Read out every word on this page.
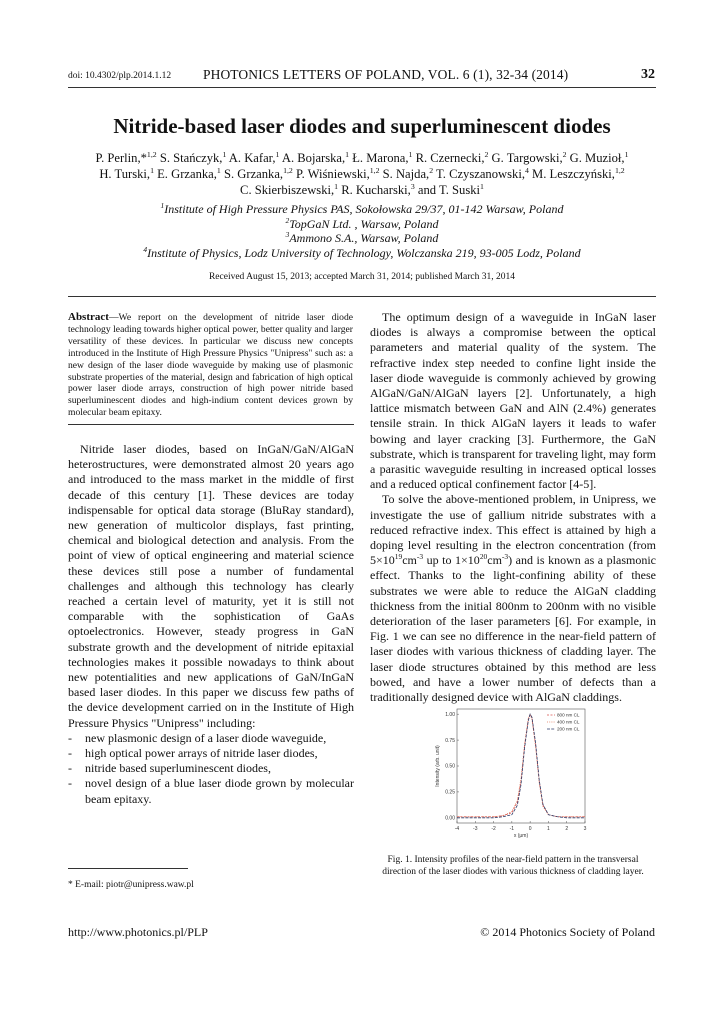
doi: 10.4302/plp.2014.1.12 PHOTONICS LETTERS OF POLAND, VOL. 6 (1), 32-34 (2014)	32
Nitride-based laser diodes and superluminescent diodes
P. Perlin,*$^{1,2}$ S. Stańczyk,$^1$ A. Kafar,$^1$ A. Bojarska,$^1$ Ł. Marona,$^1$ R. Czernecki,$^2$ G. Targowski,$^2$ G. Muzioł,$^1$
H. Turski,$^1$ E. Grzanka,$^1$ S. Grzanka,$^{1,2}$ P. Wiśniewski,$^{1,2}$ S. Najda,$^2$ T. Czyszanowski,$^4$ M. Leszczyński,$^{1,2}$
C. Skierbiszewski,$^1$ R. Kucharski,$^3$ and T. Suski$^1$
$^1$Institute of High Pressure Physics PAS, Sokołowska 29/37, 01-142 Warsaw, Poland
$^2$TopGaN Ltd. , Warsaw, Poland
$^3$Ammono S.A., Warsaw, Poland
$^4$Institute of Physics, Lodz University of Technology, Wolczanska 219, 93-005 Lodz, Poland
Received August 15, 2013; accepted March 31, 2014; published March 31, 2014
Abstract—We report on the development of nitride laser diode technology leading towards higher optical power, better quality and larger versatility of these devices. In particular we discuss new concepts introduced in the Institute of High Pressure Physics "Unipress" such as: a new design of the laser diode waveguide by making use of plasmonic substrate properties of the material, design and fabrication of high optical power laser diode arrays, construction of high power nitride based superluminescent diodes and high-indium content devices grown by molecular beam epitaxy.

Nitride laser diodes, based on InGaN/GaN/AlGaN heterostructures, were demonstrated almost 20 years ago and introduced to the mass market in the middle of first decade of this century [1]. These devices are today indispensable for optical data storage (BluRay standard), new generation of multicolor displays, fast printing, chemical and biological detection and analysis. From the point of view of optical engineering and material science these devices still pose a number of fundamental challenges and although this technology has clearly reached a certain level of maturity, yet it is still not comparable with the sophistication of GaAs optoelectronics. However, steady progress in GaN substrate growth and the development of nitride epitaxial technologies makes it possible nowadays to think about new potentialities and new applications of GaN/InGaN based laser diodes. In this paper we discuss few paths of the device development carried on in the Institute of High Pressure Physics "Unipress" including:

- new plasmonic design of a laser diode waveguide,
- high optical power arrays of nitride laser diodes,
- nitride based superluminescent diodes,
- novel design of a blue laser diode grown by molecular beam epitaxy.

The optimum design of a waveguide in InGaN laser diodes is always a compromise between the optical parameters and material quality of the system. The refractive index step needed to confine light inside the laser diode waveguide is commonly achieved by growing AlGaN/GaN/AlGaN layers [2]. Unfortunately, a high lattice mismatch between GaN and AlN (2.4%) generates tensile strain. In thick AlGaN layers it leads to wafer bowing and layer cracking [3]. Furthermore, the GaN substrate, which is transparent for traveling light, may form a parasitic waveguide resulting in increased optical losses and a reduced optical confinement factor [4-5].

To solve the above-mentioned problem, in Unipress, we investigate the use of gallium nitride substrates with a reduced refractive index. This effect is attained by high a doping level resulting in the electron concentration (from $5\times 10^{19}cm^{-3}$ up to $1\times 10^{20}cm^{-3}$) and is known as a plasmonic effect. Thanks to the light-confining ability of these substrates we were able to reduce the AlGaN cladding thickness from the initial 800nm to 200nm with no visible deterioration of the laser parameters [6]. For example, in Fig. 1 we can see no difference in the near-field pattern of laser diodes with various thickness of cladding layer. The laser diode structures obtained by this method are less bowed, and have a lower number of defects than a traditionally designed device with AlGaN claddings.

-4	-3	-2	-1	0	1	2	3
0.00
0.25
0.50
0.75
1.00
x (μm)
Intensity (arb. unit)
800 nm CL
400 nm CL
200 nm CL
Fig. 1. Intensity profiles of the near-field pattern in the transversal direction of the laser diodes with various thickness of cladding layer.
* E-mail: piotr@unipress.waw.pl
http://www.photonics.pl/PLP	© 2014 Photonics Society of Poland
